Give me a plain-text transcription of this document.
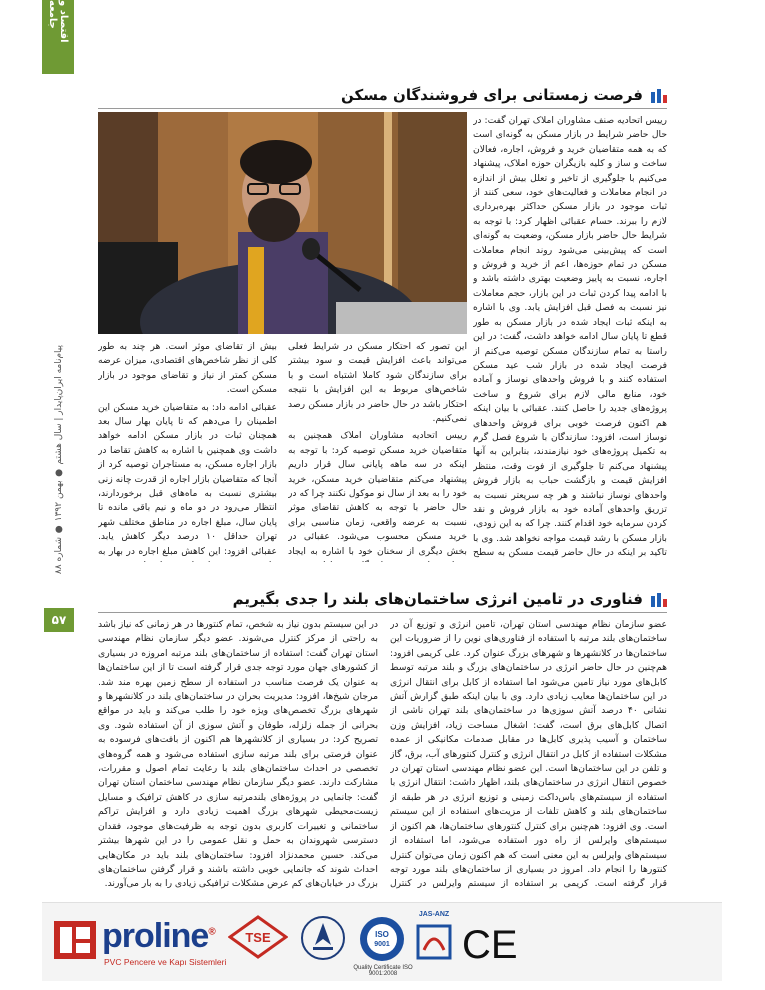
اقتصاد و جامعه
پیام‌نامه ایران‌پایدار | سال هشتم ● بهمن ۱۳۹۲ ● شماره ۸۸
۵۷
فرصت زمستانی برای فروشندگان مسکن

رییس اتحادیه صنف مشاوران املاک تهران گفت: در حال حاضر شرایط در بازار مسکن به گونه‌ای است که به همه متقاضیان خرید و فروش، اجاره، فعالان ساخت و ساز و کلیه بازیگران حوزه املاک، پیشنهاد می‌کنیم با جلوگیری از تاخیر و تعلل بیش از اندازه در انجام معاملات و فعالیت‌های خود، سعی کنند از ثبات موجود در بازار مسکن حداکثر بهره‌برداری لازم را ببرند. حسام عقبائی اظهار کرد: با توجه به شرایط حال حاضر بازار مسکن، وضعیت به گونه‌ای است که پیش‌بینی می‌شود روند انجام معاملات مسکن در تمام حوزه‌ها، اعم از خرید و فروش و اجاره، نسبت به پاییز وضعیت بهتری داشته باشد و با ادامه پیدا کردن ثبات در این بازار، حجم معاملات نیز نسبت به فصل قبل افزایش یابد. وی با اشاره به اینکه ثبات ایجاد شده در بازار مسکن به طور قطع تا پایان سال ادامه خواهد داشت، گفت: در این راستا به تمام سازندگان مسکن توصیه می‌کنم از فرصت ایجاد شده در بازار شب عید مسکن استفاده کنند و با فروش واحدهای نوساز و آماده خود، منابع مالی لازم برای شروع و ساخت پروژه‌های جدید را حاصل کنند. عقبائی با بیان اینکه هم اکنون فرصت خوبی برای فروش واحدهای نوساز است، افزود: سازندگان با شروع فصل گرم به تکمیل پروژه‌های خود نیازمندند، بنابراین به آنها پیشنهاد می‌کنم تا جلوگیری از فوت وقت، منتظر افزایش قیمت و بازگشت حباب به بازار فروش واحدهای نوساز نباشند و هر چه سریعتر نسبت به تزریق واحدهای آماده خود به بازار فروش و نقد کردن سرمایه خود اقدام کنند. چرا که به این زودی، بازار مسکن با رشد قیمت مواجه نخواهد شد. وی با تاکید بر اینکه در حال حاضر قیمت مسکن به سطح

این تصور که احتکار مسکن در شرایط فعلی می‌تواند باعث افزایش قیمت و سود بیشتر برای سازندگان شود کاملا اشتباه است و با شاخص‌های مربوط به این افزایش با نتیجه احتکار باشد در حال حاضر در بازار مسکن رصد نمی‌کنیم.

رییس اتحادیه مشاوران املاک همچنین به متقاضیان خرید مسکن توصیه کرد: با توجه به اینکه در سه ماهه پایانی سال قرار داریم پیشنهاد می‌کنم متقاضیان خرید مسکن، خرید خود را به بعد از سال نو موکول نکنند چرا که در حال حاضر با توجه به کاهش تقاضای موثر نسبت به عرضه واقعی، زمان مناسبی برای خرید مسکن محسوب می‌شود. عقبائی در بخش دیگری از سخنان خود با اشاره به ایجاد

بیش از تقاضای موثر است. هر چند به طور کلی از نظر شاخص‌های اقتصادی، میزان عرضه مسکن کمتر از نیاز و تقاضای موجود در بازار مسکن است.

عقبائی ادامه داد: به متقاضیان خرید مسکن این اطمینان را می‌دهم که تا پایان بهار سال بعد همچنان ثبات در بازار مسکن ادامه خواهد داشت وی همچنین با اشاره به کاهش تقاضا در بازار اجاره مسکن، به مستاجران توصیه کرد از آنجا که متقاضیان بازار اجاره از قدرت چانه زنی بیشتری نسبت به ماه‌های قبل برخوردارند، انتظار می‌رود در دو ماه و نیم باقی مانده تا پایان سال، مبلغ اجاره در مناطق مختلف شهر تهران حداقل ۱۰ درصد دیگر کاهش یابد. عقبائی افزود: این کاهش مبلغ اجاره در بهار به

فناوری در تامین انرژی ساختمان‌های بلند را جدی بگیریم

عضو سازمان نظام مهندسی استان تهران، تامین انرژی و توزیع آن در ساختمان‌های بلند مرتبه با استفاده از فناوری‌های نوین را از ضروریات این ساختمان‌ها در کلانشهرها و شهرهای بزرگ عنوان کرد. علی کریمی افزود: هم‌چنین در حال حاضر انرژی در ساختمان‌های بزرگ و بلند مرتبه توسط کابل‌های مورد نیاز تامین می‌شود اما استفاده از کابل برای انتقال انرژی در این ساختمان‌ها معایب زیادی دارد. وی با بیان اینکه طبق گزارش آتش نشانی ۴۰ درصد آتش سوزی‌ها در ساختمان‌های بلند تهران ناشی از اتصال کابل‌های برق است، گفت: اشغال مساحت زیاد، افزایش وزن ساختمان و آسیب پذیری کابل‌ها در مقابل صدمات مکانیکی از عمده مشکلات استفاده از کابل در انتقال انرژی و کنترل کنتورهای آب، برق، گاز و تلفن در این ساختمان‌ها است. این عضو نظام مهندسی استان تهران در خصوص انتقال انرژی در ساختمان‌های بلند، اظهار داشت: انتقال انرژی با استفاده از سیستم‌های باس‌داکت زمینی و توزیع انرژی در هر طبقه از ساختمان‌های بلند و کاهش تلفات از مزیت‌های استفاده از این سیستم است. وی افزود: هم‌چنین برای کنترل کنتورهای ساختمان‌ها، هم اکنون از سیستم‌های وایرلس از راه دور استفاده می‌شود، اما استفاده از سیستم‌های وایرلس به این معنی است که هم اکنون زمان می‌توان کنترل کنتورها را انجام داد. امروز در بسیاری از ساختمان‌های بلند مورد توجه قرار گرفته است. کریمی بر استفاده از سیستم وایرلس در کنترل

در این سیستم بدون نیاز به شخص، تمام کنتورها در هر زمانی که نیاز باشد به راحتی از مرکز کنترل می‌شوند. عضو دیگر سازمان نظام مهندسی استان تهران گفت: استفاده از ساختمان‌های بلند مرتبه امروزه در بسیاری از کشورهای جهان مورد توجه جدی قرار گرفته است تا از این ساختمان‌ها به عنوان یک فرصت مناسب در استفاده از سطح زمین بهره مند شد. مرجان شیخ‌ها، افزود: مدیریت بحران در ساختمان‌های بلند در کلانشهرها و شهرهای بزرگ تخصص‌های ویژه خود را طلب می‌کند و باید در مواقع بحرانی از جمله زلزله، طوفان و آتش سوزی از آن استفاده شود. وی تصریح کرد: در بسیاری از کلانشهرها هم اکنون از بافت‌های فرسوده به عنوان فرصتی برای بلند مرتبه سازی استفاده می‌شود و همه گروه‌های تخصصی در احداث ساختمان‌های بلند با رعایت تمام اصول و مقررات، مشارکت دارند. عضو دیگر سازمان نظام مهندسی ساختمان استان تهران گفت: جانمایی در پروژه‌های بلندمرتبه سازی در کاهش ترافیک و مسایل زیست‌محیطی شهرهای بزرگ اهمیت زیادی دارد و افزایش تراکم ساختمانی و تغییرات کاربری بدون توجه به ظرفیت‌های موجود، فقدان دسترسی شهروندان به حمل و نقل عمومی را در این شهرها بیشتر می‌کند. حسین محمدنژاد افزود: ساختمان‌های بلند باید در مکان‌هایی احداث شوند که جانمایی خوبی داشته باشند و قرار گرفتن ساختمان‌های بزرگ در خیابان‌های کم عرض مشکلات ترافیکی زیادی را به بار می‌آورند.

proline®
PVC Pencere ve Kapı Sistemleri
TSE	ISO
9001
Quality Certificate ISO 9001:2008
JAS-ANZ
CE
